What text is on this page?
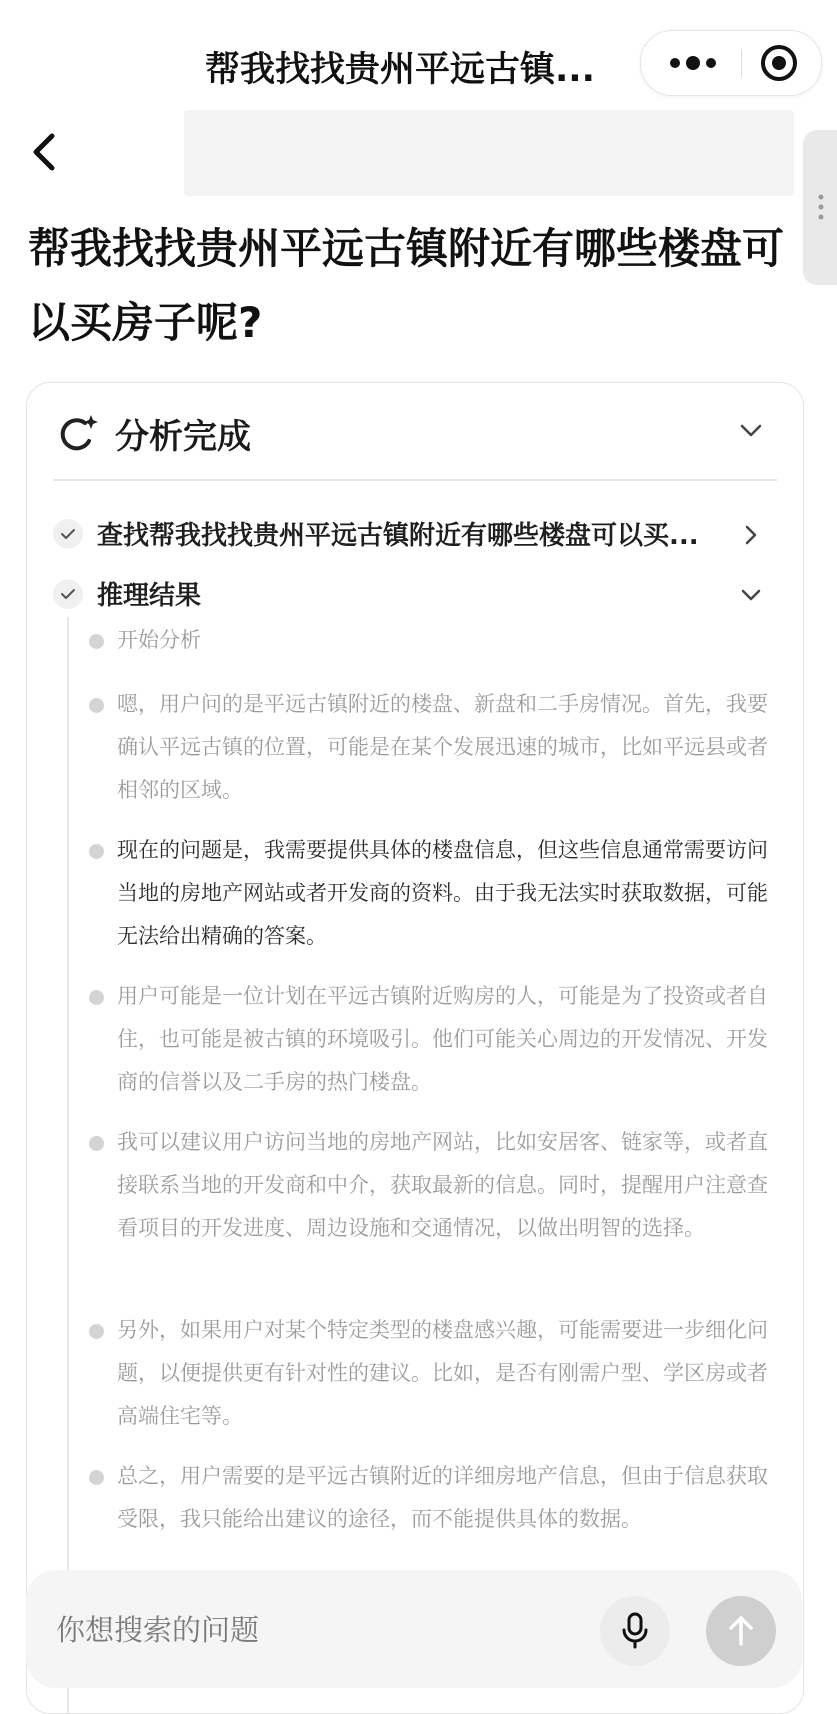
帮我找找贵州平远古镇...
帮我找找贵州平远古镇附近有哪些楼盘可以买房子呢?
分析完成
查找帮我找找贵州平远古镇附近有哪些楼盘可以买...
推理结果
开始分析
嗯，用户问的是平远古镇附近的楼盘、新盘和二手房情况。首先，我要确认平远古镇的位置，可能是在某个发展迅速的城市，比如平远县或者相邻的区域。
现在的问题是，我需要提供具体的楼盘信息，但这些信息通常需要访问当地的房地产网站或者开发商的资料。由于我无法实时获取数据，可能无法给出精确的答案。
用户可能是一位计划在平远古镇附近购房的人，可能是为了投资或者自住，也可能是被古镇的环境吸引。他们可能关心周边的开发情况、开发商的信誉以及二手房的热门楼盘。
我可以建议用户访问当地的房地产网站，比如安居客、链家等，或者直接联系当地的开发商和中介，获取最新的信息。同时，提醒用户注意查看项目的开发进度、周边设施和交通情况，以做出明智的选择。
另外，如果用户对某个特定类型的楼盘感兴趣，可能需要进一步细化问题，以便提供更有针对性的建议。比如，是否有刚需户型、学区房或者高端住宅等。
总之，用户需要的是平远古镇附近的详细房地产信息，但由于信息获取受限，我只能给出建议的途径，而不能提供具体的数据。
你想搜索的问题
